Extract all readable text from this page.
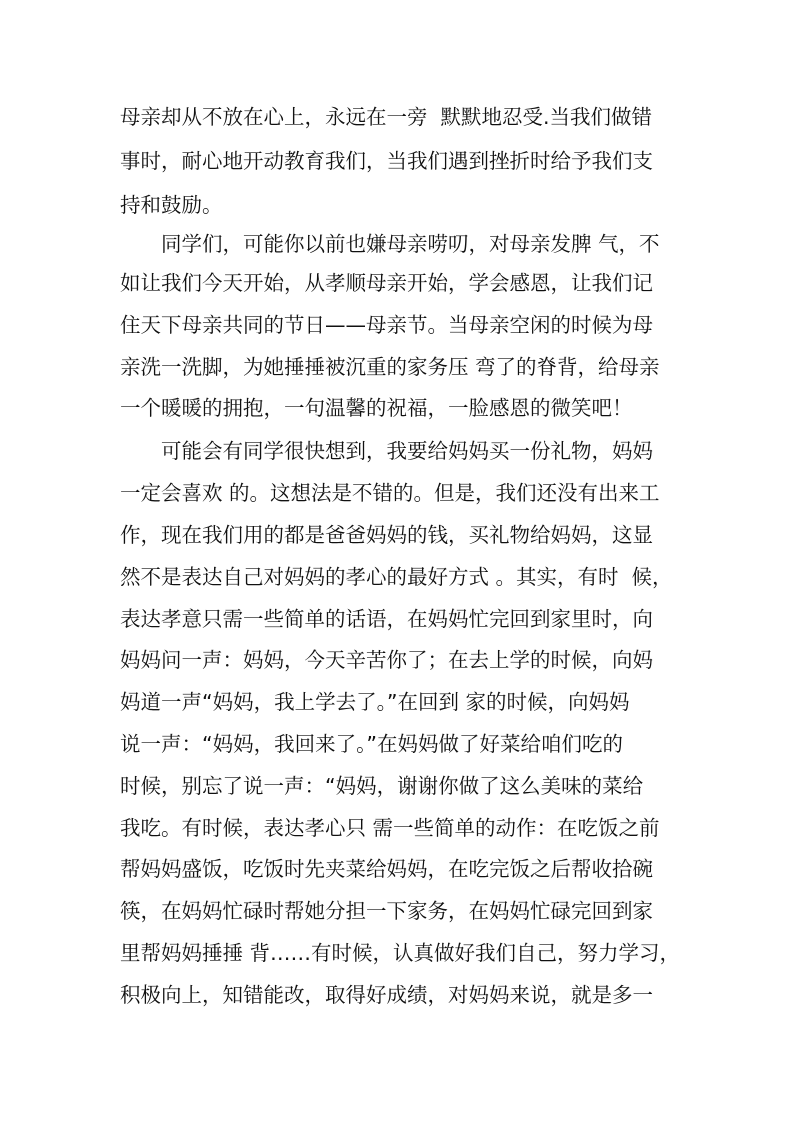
母亲却从不放在心上，永远在一旁  默默地忍受.当我们做错
事时，耐心地开动教育我们，当我们遇到挫折时给予我们支
持和鼓励。
同学们，可能你以前也嫌母亲唠叨，对母亲发脾 气，不
如让我们今天开始，从孝顺母亲开始，学会感恩，让我们记
住天下母亲共同的节日——母亲节。当母亲空闲的时候为母
亲洗一洗脚，为她捶捶被沉重的家务压 弯了的脊背，给母亲
一个暖暖的拥抱，一句温馨的祝福，一脸感恩的微笑吧！
可能会有同学很快想到，我要给妈妈买一份礼物，妈妈
一定会喜欢 的。这想法是不错的。但是，我们还没有出来工
作，现在我们用的都是爸爸妈妈的钱，买礼物给妈妈，这显
然不是表达自己对妈妈的孝心的最好方式 。其实，有时  候，
表达孝意只需一些简单的话语，在妈妈忙完回到家里时，向
妈妈问一声：妈妈，今天辛苦你了；在去上学的时候，向妈
妈道一声“妈妈，我上学去了。”在回到 家的时候，向妈妈
说一声：“妈妈，我回来了。”在妈妈做了好菜给咱们吃的
时候，别忘了说一声：“妈妈，谢谢你做了这么美味的菜给
我吃。有时候，表达孝心只 需一些简单的动作：在吃饭之前
帮妈妈盛饭，吃饭时先夹菜给妈妈，在吃完饭之后帮收拾碗
筷，在妈妈忙碌时帮她分担一下家务，在妈妈忙碌完回到家
里帮妈妈捶捶 背……有时候，认真做好我们自己，努力学习，
积极向上，知错能改，取得好成绩，对妈妈来说，就是多一
